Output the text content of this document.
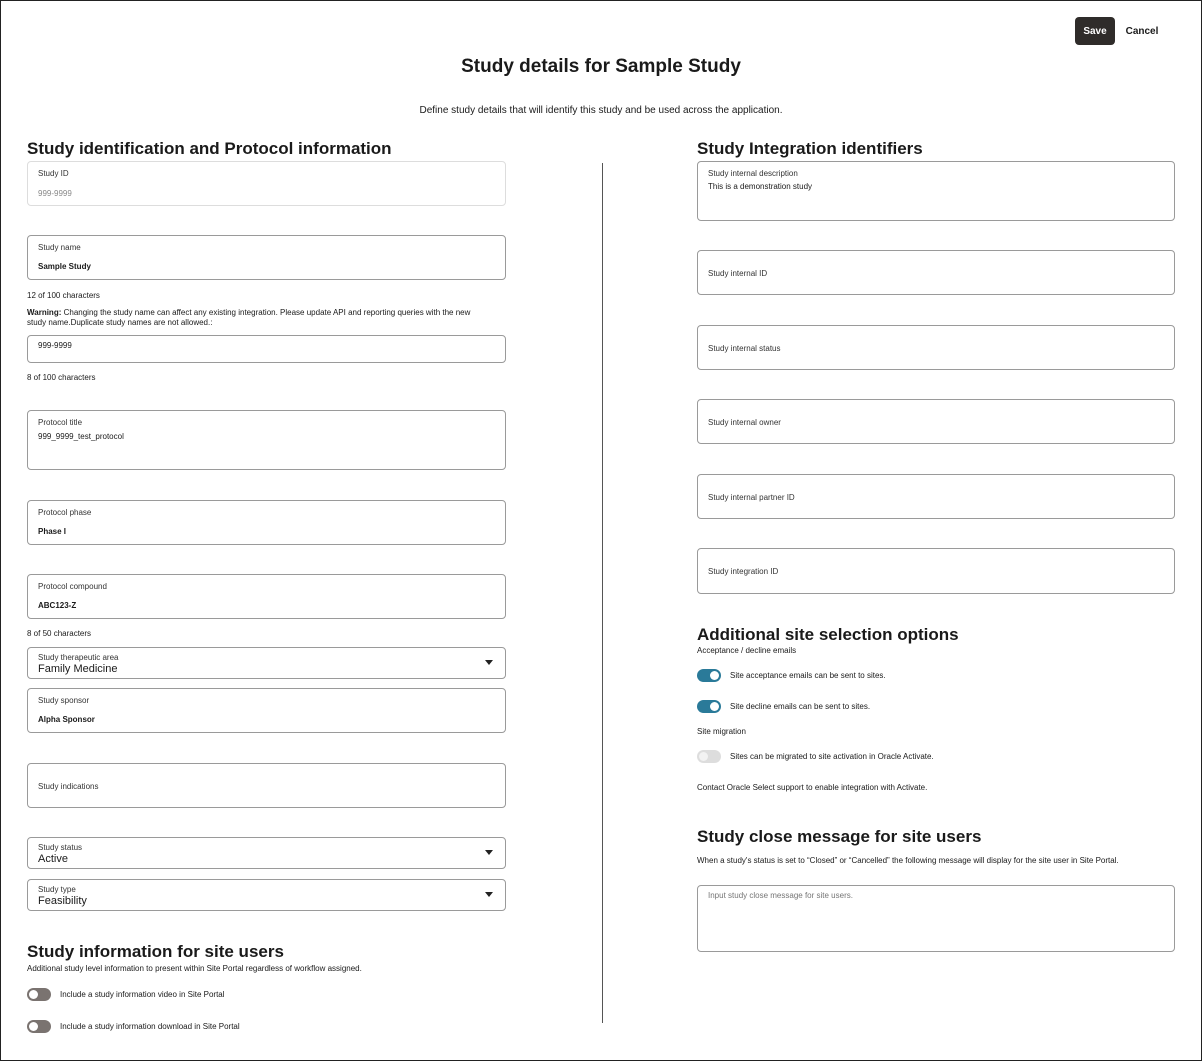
Save	Cancel
Study details for Sample Study
Define study details that will identify this study and be used across the application.
Study identification and Protocol information
Study ID
999-9999
Study name
Sample Study
12 of 100 characters
Warning: Changing the study name can affect any existing integration. Please update API and reporting queries with the new study name.Duplicate study names are not allowed.:
999-9999
8 of 100 characters
Protocol title
999_9999_test_protocol
Protocol phase
Phase I
Protocol compound
ABC123-Z
8 of 50 characters
Study therapeutic area
Family Medicine
Study sponsor
Alpha Sponsor
Study indications
Study status
Active
Study type
Feasibility
Study information for site users
Additional study level information to present within Site Portal regardless of workflow assigned.
Include a study information video in Site Portal
Include a study information download in Site Portal
Study Integration identifiers
Study internal description
This is a demonstration study
Study internal ID
Study internal status
Study internal owner
Study internal partner ID
Study integration ID
Additional site selection options
Acceptance / decline emails
Site acceptance emails can be sent to sites.
Site decline emails can be sent to sites.
Site migration
Sites can be migrated to site activation in Oracle Activate.
Contact Oracle Select support to enable integration with Activate.
Study close message for site users
When a study's status is set to “Closed” or “Cancelled” the following message will display for the site user in Site Portal.
Input study close message for site users.
